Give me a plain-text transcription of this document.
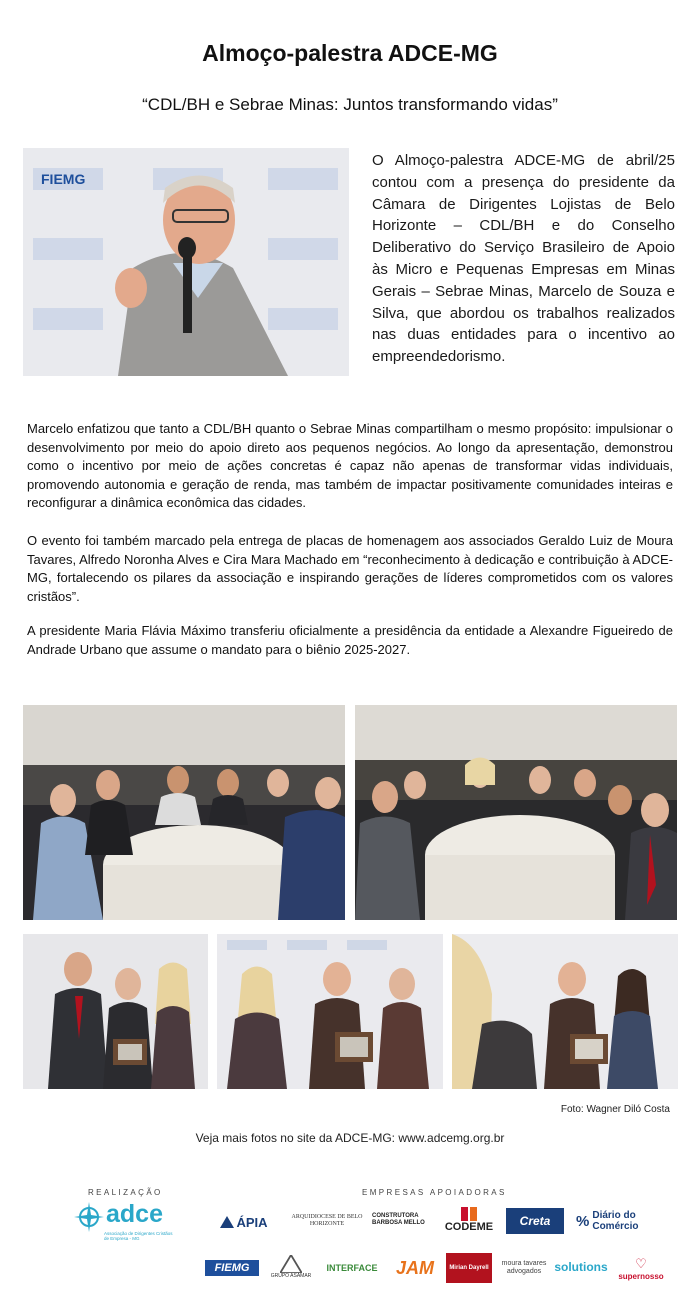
Almoço-palestra ADCE-MG
“CDL/BH e Sebrae Minas: Juntos transformando vidas”
FIEMG
O Almoço-palestra ADCE-MG de abril/25 contou com a presença do presidente da Câmara de Dirigentes Lojistas de Belo Horizonte – CDL/BH e do Conselho Deliberativo do Serviço Brasileiro de Apoio às Micro e Pequenas Empresas em Minas Gerais – Sebrae Minas, Marcelo de Souza e Silva, que abordou os trabalhos realizados nas duas entidades para o incentivo ao empreendedorismo.
Marcelo enfatizou que tanto a CDL/BH quanto o Sebrae Minas compartilham o mesmo propósito: impulsionar o desenvolvimento por meio do apoio direto aos pequenos negócios. Ao longo da apresentação, demonstrou como o incentivo por meio de ações concretas é capaz não apenas de transformar vidas individuais, promovendo autonomia e geração de renda, mas também de impactar positivamente comunidades inteiras e reconfigurar a dinâmica econômica das cidades.
O evento foi também marcado pela entrega de placas de homenagem aos associados Geraldo Luiz de Moura Tavares, Alfredo Noronha Alves e Cira Mara Machado em “reconhecimento à dedicação e contribuição à ADCE-MG, fortalecendo os pilares da associação e inspirando gerações de líderes comprometidos com os valores cristãos”.
A presidente Maria Flávia Máximo transferiu oficialmente a presidência da entidade a Alexandre Figueiredo de Andrade Urbano que assume o mandato para o biênio 2025-2027.
Foto: Wagner Diló Costa
Veja mais fotos no site da ADCE-MG: www.adcemg.org.br
REALIZAÇÃO
adce
Associação de Dirigentes Cristãos de Empresa - MG
EMPRESAS APOIADORAS
ÁPIA	ARQUIDIOCESE DE BELO HORIZONTE
CONSTRUTORA BARBOSA MELLO	CODEME Creta % Diário do Comércio
FIEMG
GRUPO ASAMAR
INTERFACE JAM	Mirian Dayrell
moura tavares advogados	solutions ♡
supernosso
